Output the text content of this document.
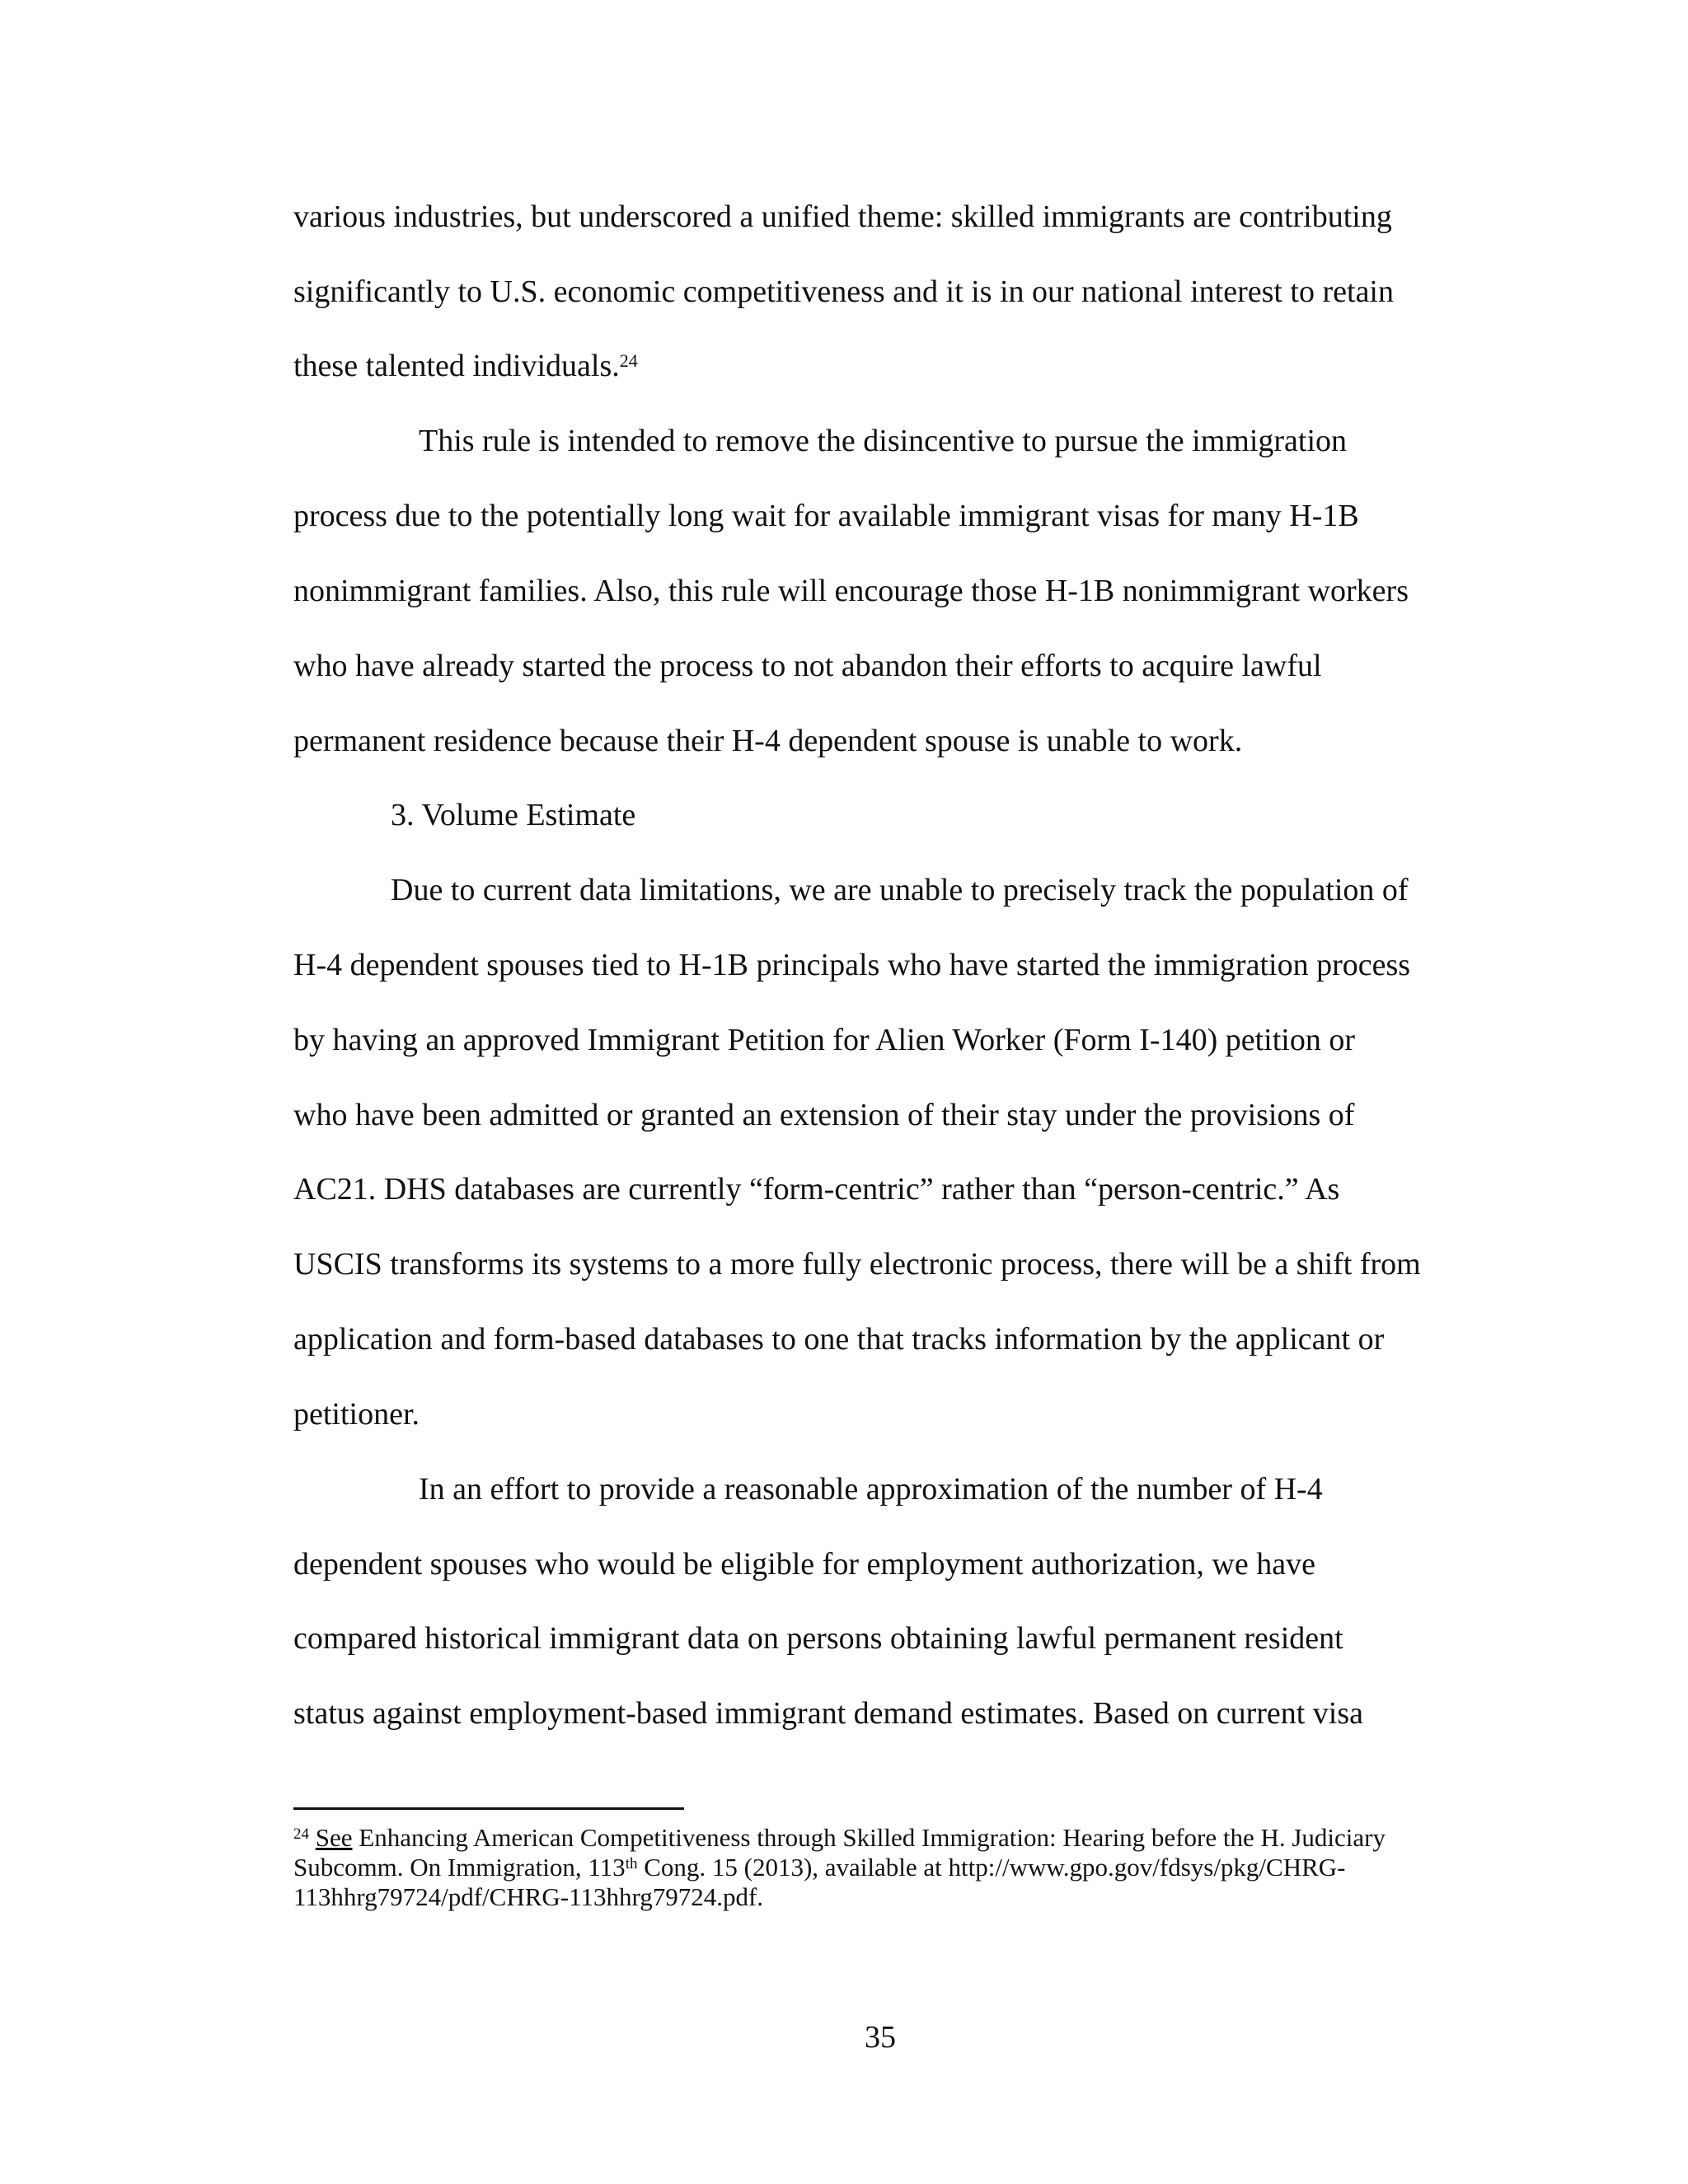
various industries, but underscored a unified theme: skilled immigrants are contributing

significantly to U.S. economic competitiveness and it is in our national interest to retain

these talented individuals.$^{24}$

This rule is intended to remove the disincentive to pursue the immigration

process due to the potentially long wait for available immigrant visas for many H-1B

nonimmigrant families. Also, this rule will encourage those H-1B nonimmigrant workers

who have already started the process to not abandon their efforts to acquire lawful

permanent residence because their H-4 dependent spouse is unable to work.

3. Volume Estimate

Due to current data limitations, we are unable to precisely track the population of

H-4 dependent spouses tied to H-1B principals who have started the immigration process

by having an approved Immigrant Petition for Alien Worker (Form I-140) petition or

who have been admitted or granted an extension of their stay under the provisions of

AC21. DHS databases are currently “form-centric” rather than “person-centric.” As

USCIS transforms its systems to a more fully electronic process, there will be a shift from

application and form-based databases to one that tracks information by the applicant or

petitioner.

In an effort to provide a reasonable approximation of the number of H-4

dependent spouses who would be eligible for employment authorization, we have

compared historical immigrant data on persons obtaining lawful permanent resident

status against employment-based immigrant demand estimates. Based on current visa

$^{24}$ See Enhancing American Competitiveness through Skilled Immigration: Hearing before the H. Judiciary

Subcomm. On Immigration, 113th Cong. 15 (2013), available at http://www.gpo.gov/fdsys/pkg/CHRG-

113hhrg79724/pdf/CHRG-113hhrg79724.pdf.

35
